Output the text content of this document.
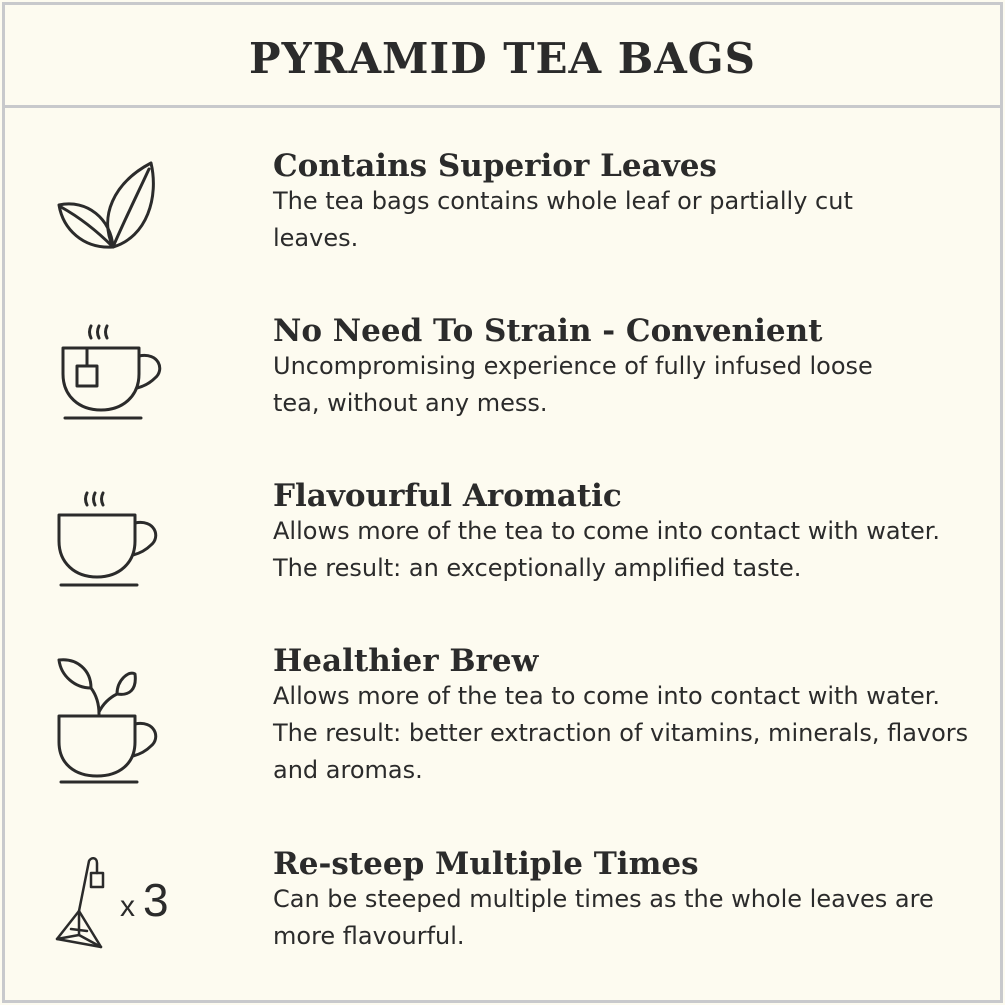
PYRAMID TEA BAGS
Contains Superior Leaves
The tea bags contains whole leaf or partially cut leaves.
No Need To Strain - Convenient
Uncompromising experience of fully infused loose tea, without any mess.
Flavourful Aromatic
Allows more of the tea to come into contact with water. The result: an exceptionally amplified taste.
Healthier Brew
Allows more of the tea to come into contact with water. The result: better extraction of vitamins, minerals, flavors and aromas.
x 3
Re-steep Multiple Times
Can be steeped multiple times as the whole leaves are more flavourful.
